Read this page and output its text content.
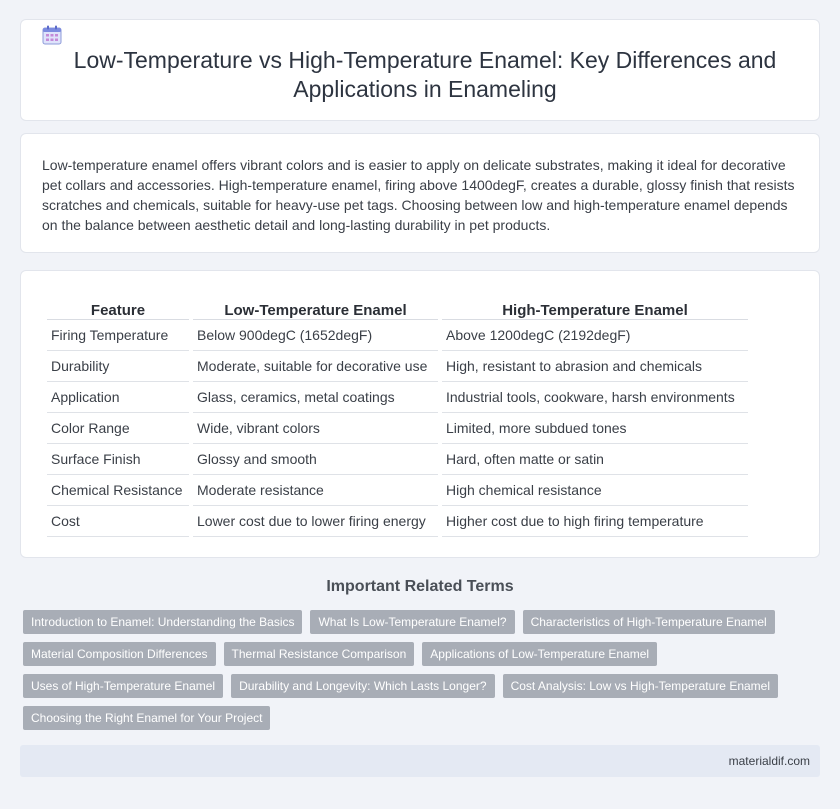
Low-Temperature vs High-Temperature Enamel: Key Differences and Applications in Enameling

Low-temperature enamel offers vibrant colors and is easier to apply on delicate substrates, making it ideal for decorative pet collars and accessories. High-temperature enamel, firing above 1400degF, creates a durable, glossy finish that resists scratches and chemicals, suitable for heavy-use pet tags. Choosing between low and high-temperature enamel depends on the balance between aesthetic detail and long-lasting durability in pet products.

Feature	Low-Temperature Enamel	High-Temperature Enamel
Firing Temperature	Below 900degC (1652degF)	Above 1200degC (2192degF)
Durability	Moderate, suitable for decorative use	High, resistant to abrasion and chemicals
Application	Glass, ceramics, metal coatings	Industrial tools, cookware, harsh environments
Color Range	Wide, vibrant colors	Limited, more subdued tones
Surface Finish	Glossy and smooth	Hard, often matte or satin
Chemical Resistance	Moderate resistance	High chemical resistance
Cost	Lower cost due to lower firing energy	Higher cost due to high firing temperature
Important Related Terms
Introduction to Enamel: Understanding the Basics	What Is Low-Temperature Enamel?	Characteristics of High-Temperature Enamel
Material Composition Differences	Thermal Resistance Comparison	Applications of Low-Temperature Enamel
Uses of High-Temperature Enamel	Durability and Longevity: Which Lasts Longer?	Cost Analysis: Low vs High-Temperature Enamel
Choosing the Right Enamel for Your Project
materialdif.com
